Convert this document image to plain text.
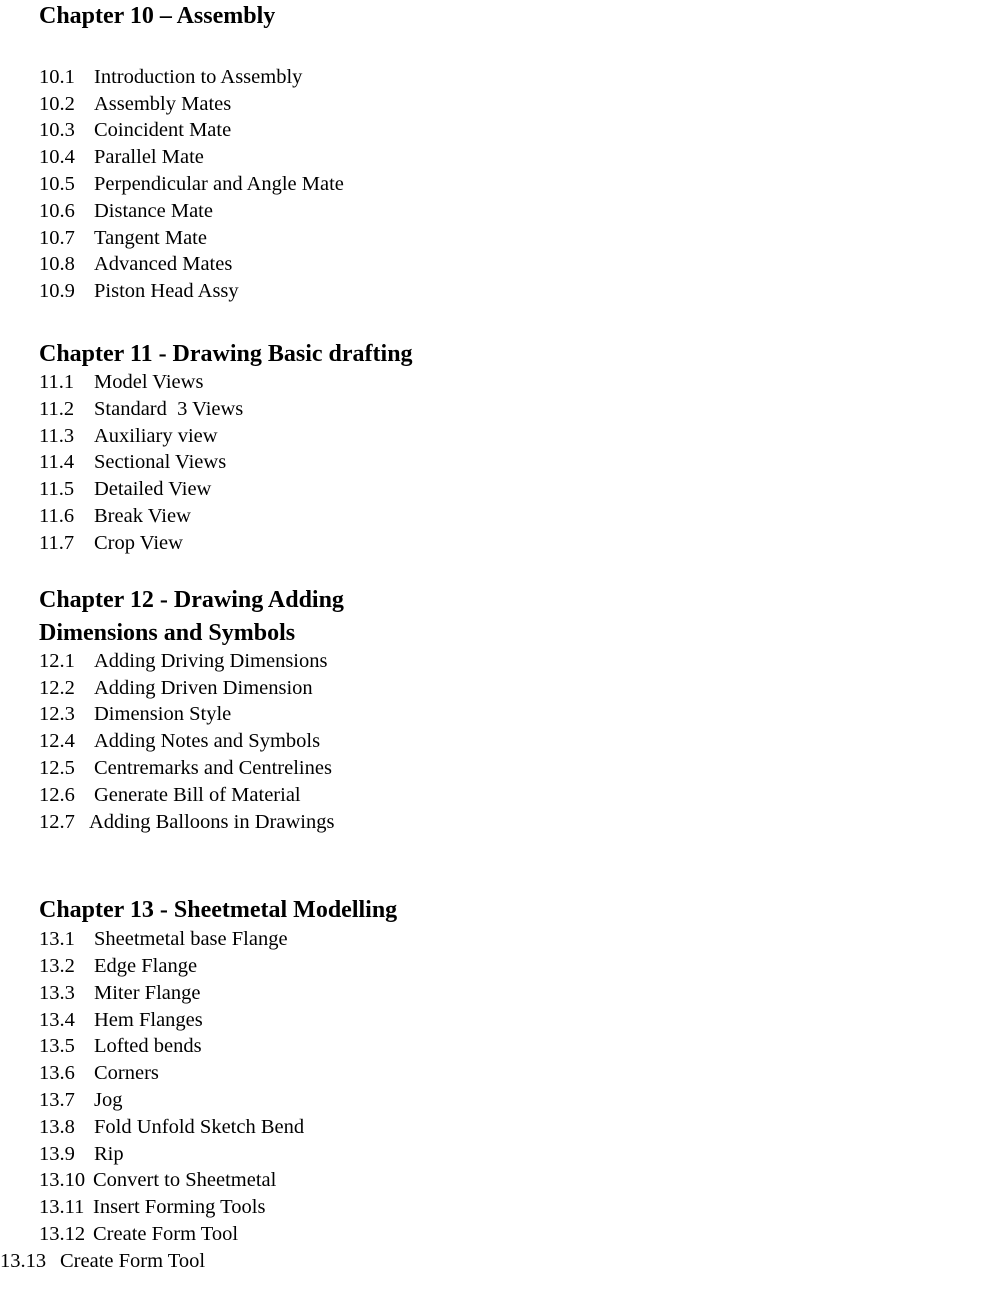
Chapter 10 – Assembly
10.1 Introduction to Assembly
10.2 Assembly Mates
10.3 Coincident Mate
10.4 Parallel Mate
10.5 Perpendicular and Angle Mate
10.6 Distance Mate
10.7 Tangent Mate
10.8 Advanced Mates
10.9 Piston Head Assy
Chapter 11 - Drawing Basic drafting
11.1 Model Views
11.2 Standard  3 Views
11.3 Auxiliary view
11.4 Sectional Views
11.5 Detailed View
11.6 Break View
11.7 Crop View
Chapter 12 - Drawing Adding
Dimensions and Symbols
12.1 Adding Driving Dimensions
12.2 Adding Driven Dimension
12.3 Dimension Style
12.4 Adding Notes and Symbols
12.5 Centremarks and Centrelines
12.6 Generate Bill of Material
12.7 Adding Balloons in Drawings
Chapter 13 - Sheetmetal Modelling
13.1 Sheetmetal base Flange
13.2 Edge Flange
13.3 Miter Flange
13.4 Hem Flanges
13.5 Lofted bends
13.6 Corners
13.7 Jog
13.8 Fold Unfold Sketch Bend
13.9 Rip
13.10 Convert to Sheetmetal
13.11 Insert Forming Tools
13.12 Create Form Tool
13.13 Create Form Tool
